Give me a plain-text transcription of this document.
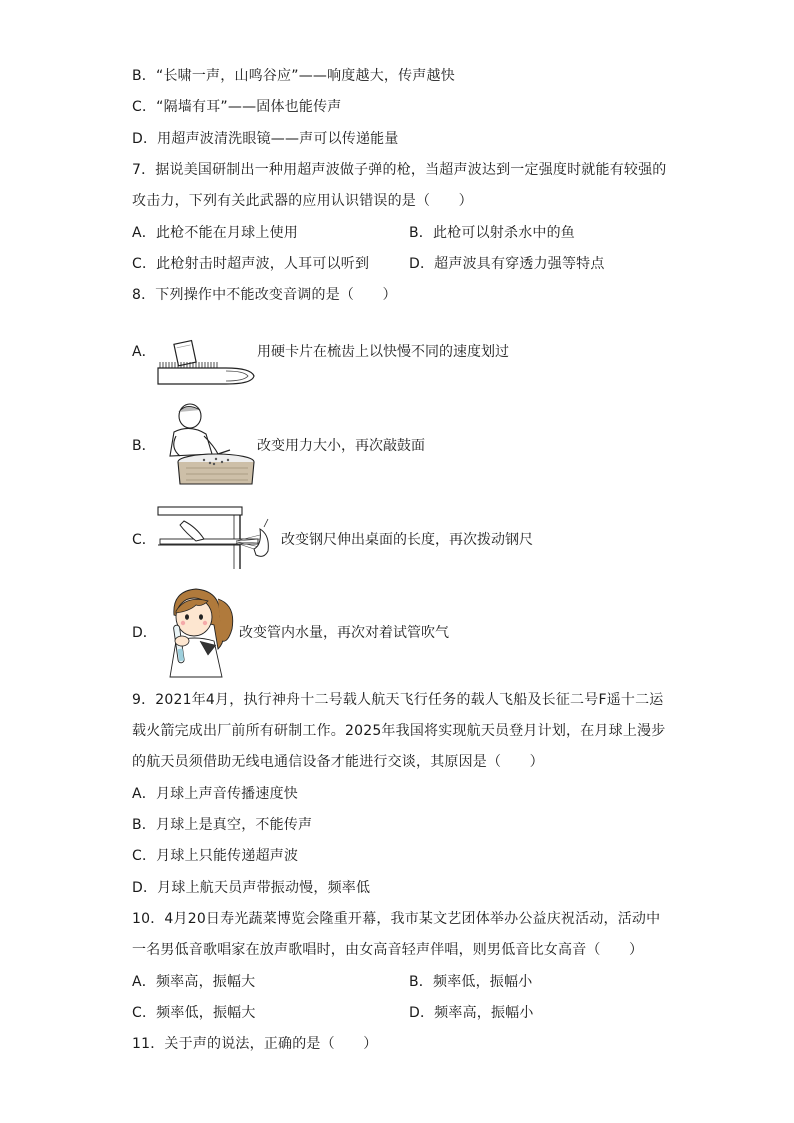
B．“长啸一声，山鸣谷应”——响度越大，传声越快
C．“隔墙有耳”——固体也能传声
D．用超声波清洗眼镜——声可以传递能量
7．据说美国研制出一种用超声波做子弹的枪，当超声波达到一定强度时就能有较强的
攻击力，下列有关此武器的应用认识错误的是（　　）
A．此枪不能在月球上使用	B．此枪可以射杀水中的鱼
C．此枪射击时超声波，人耳可以听到	D．超声波具有穿透力强等特点
8．下列操作中不能改变音调的是（　　）
A．	用硬卡片在梳齿上以快慢不同的速度划过
B．	改变用力大小，再次敲鼓面
C．	改变钢尺伸出桌面的长度，再次拨动钢尺
D．	改变管内水量，再次对着试管吹气
9．2021年4月，执行神舟十二号载人航天飞行任务的载人飞船及长征二号F遥十二运
载火箭完成出厂前所有研制工作。2025年我国将实现航天员登月计划，在月球上漫步
的航天员须借助无线电通信设备才能进行交谈，其原因是（　　）
A．月球上声音传播速度快
B．月球上是真空，不能传声
C．月球上只能传递超声波
D．月球上航天员声带振动慢，频率低
10．4月20日寿光蔬菜博览会隆重开幕，我市某文艺团体举办公益庆祝活动，活动中
一名男低音歌唱家在放声歌唱时，由女高音轻声伴唱，则男低音比女高音（　　）
A．频率高，振幅大	B．频率低，振幅小
C．频率低，振幅大	D．频率高，振幅小
11．关于声的说法，正确的是（　　）
